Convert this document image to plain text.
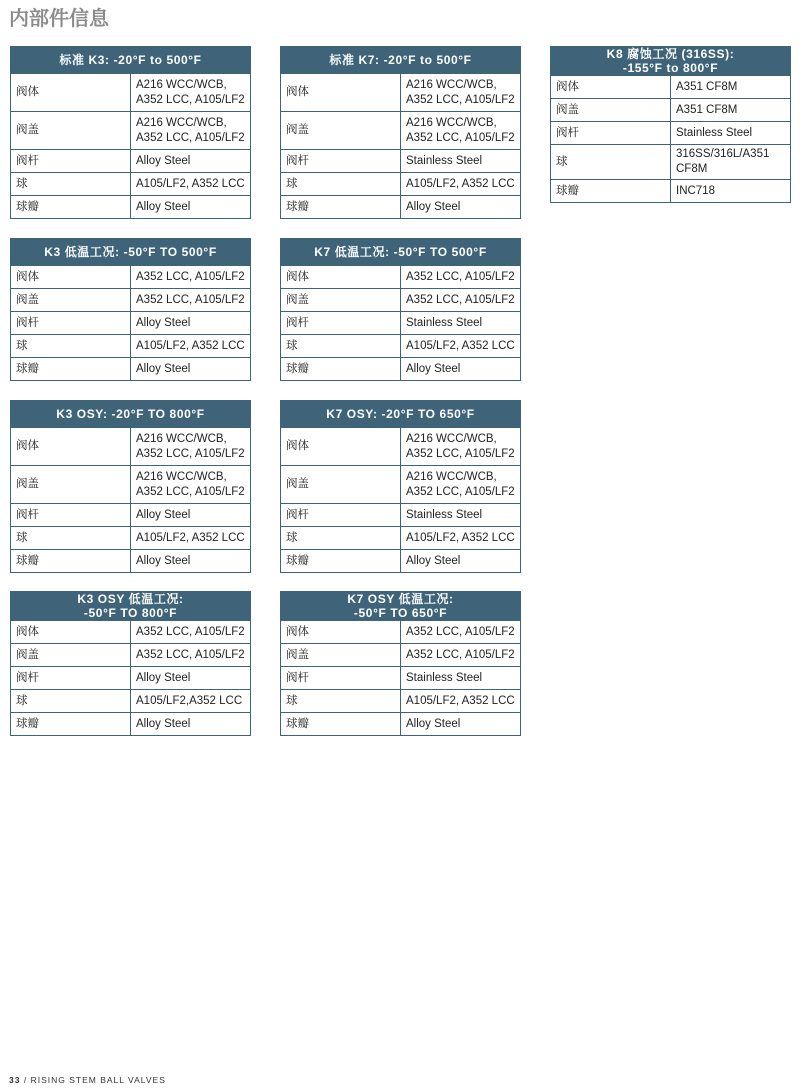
内部件信息
标准 K3: -20°F to 500°F	
阀体	A216 WCC/WCB,
A352 LCC, A105/LF2
阀盖	A216 WCC/WCB,
A352 LCC, A105/LF2
阀杆	Alloy Steel
球	A105/LF2, A352 LCC
球瓣	Alloy Steel
标准 K7: -20°F to 500°F	
阀体	A216 WCC/WCB,
A352 LCC, A105/LF2
阀盖	A216 WCC/WCB,
A352 LCC, A105/LF2
阀杆	Stainless Steel
球	A105/LF2, A352 LCC
球瓣	Alloy Steel
K8 腐蚀工况 (316SS):
-155°F to 800°F	
阀体	A351 CF8M
阀盖	A351 CF8M
阀杆	Stainless Steel
球	316SS/316L/A351 CF8M
球瓣	INC718
K3 低温工况: -50°F TO 500°F	
阀体	A352 LCC, A105/LF2
阀盖	A352 LCC, A105/LF2
阀杆	Alloy Steel
球	A105/LF2, A352 LCC
球瓣	Alloy Steel
K7 低温工况: -50°F TO 500°F	
阀体	A352 LCC, A105/LF2
阀盖	A352 LCC, A105/LF2
阀杆	Stainless Steel
球	A105/LF2, A352 LCC
球瓣	Alloy Steel
K3 OSY: -20°F TO 800°F	
阀体	A216 WCC/WCB,
A352 LCC, A105/LF2
阀盖	A216 WCC/WCB,
A352 LCC, A105/LF2
阀杆	Alloy Steel
球	A105/LF2, A352 LCC
球瓣	Alloy Steel
K7 OSY: -20°F TO 650°F	
阀体	A216 WCC/WCB,
A352 LCC, A105/LF2
阀盖	A216 WCC/WCB,
A352 LCC, A105/LF2
阀杆	Stainless Steel
球	A105/LF2, A352 LCC
球瓣	Alloy Steel
K3 OSY 低温工况:
-50°F TO 800°F	
阀体	A352 LCC, A105/LF2
阀盖	A352 LCC, A105/LF2
阀杆	Alloy Steel
球	A105/LF2,A352 LCC
球瓣	Alloy Steel
K7 OSY 低温工况:
-50°F TO 650°F	
阀体	A352 LCC, A105/LF2
阀盖	A352 LCC, A105/LF2
阀杆	Stainless Steel
球	A105/LF2, A352 LCC
球瓣	Alloy Steel
33 / RISING STEM BALL VALVES
